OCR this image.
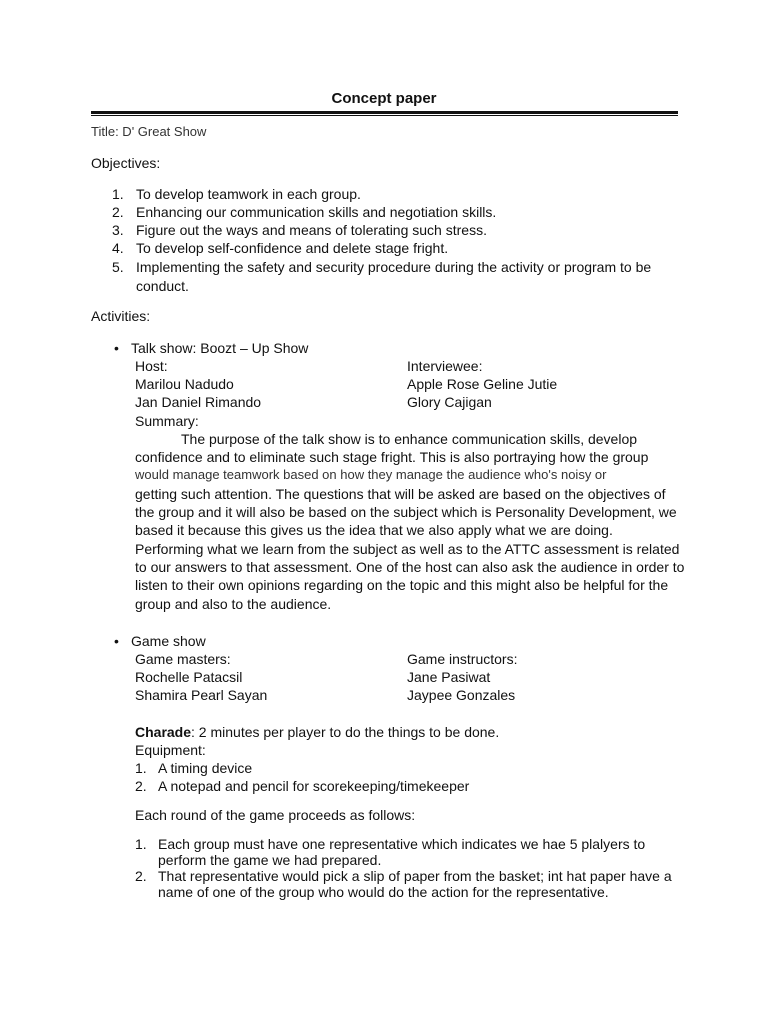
Concept paper
Title: D' Great Show
Objectives:
1. To develop teamwork in each group.
2. Enhancing our communication skills and negotiation skills.
3. Figure out the ways and means of tolerating such stress.
4. To develop self-confidence and delete stage fright.
5. Implementing the safety and security procedure during the activity or program to be
conduct.
Activities:
• Talk show: Boozt – Up Show
Host:	Interviewee:
Marilou Nadudo	Apple Rose Geline Jutie
Jan Daniel Rimando	Glory Cajigan
Summary:
The purpose of the talk show is to enhance communication skills, develop
confidence and to eliminate such stage fright. This is also portraying how the group
would manage teamwork based on how they manage the audience who's noisy or
getting such attention. The questions that will be asked are based on the objectives of
the group and it will also be based on the subject which is Personality Development, we
based it because this gives us the idea that we also apply what we are doing.
Performing what we learn from the subject as well as to the ATTC assessment is related
to our answers to that assessment. One of the host can also ask the audience in order to
listen to their own opinions regarding on the topic and this might also be helpful for the
group and also to the audience.
• Game show
Game masters:	Game instructors:
Rochelle Patacsil	Jane Pasiwat
Shamira Pearl Sayan	Jaypee Gonzales
Charade: 2 minutes per player to do the things to be done.
Equipment:
1. A timing device
2. A notepad and pencil for scorekeeping/timekeeper
Each round of the game proceeds as follows:
1. Each group must have one representative which indicates we hae 5 plalyers to
perform the game we had prepared.
2. That representative would pick a slip of paper from the basket; int hat paper have a
name of one of the group who would do the action for the representative.
